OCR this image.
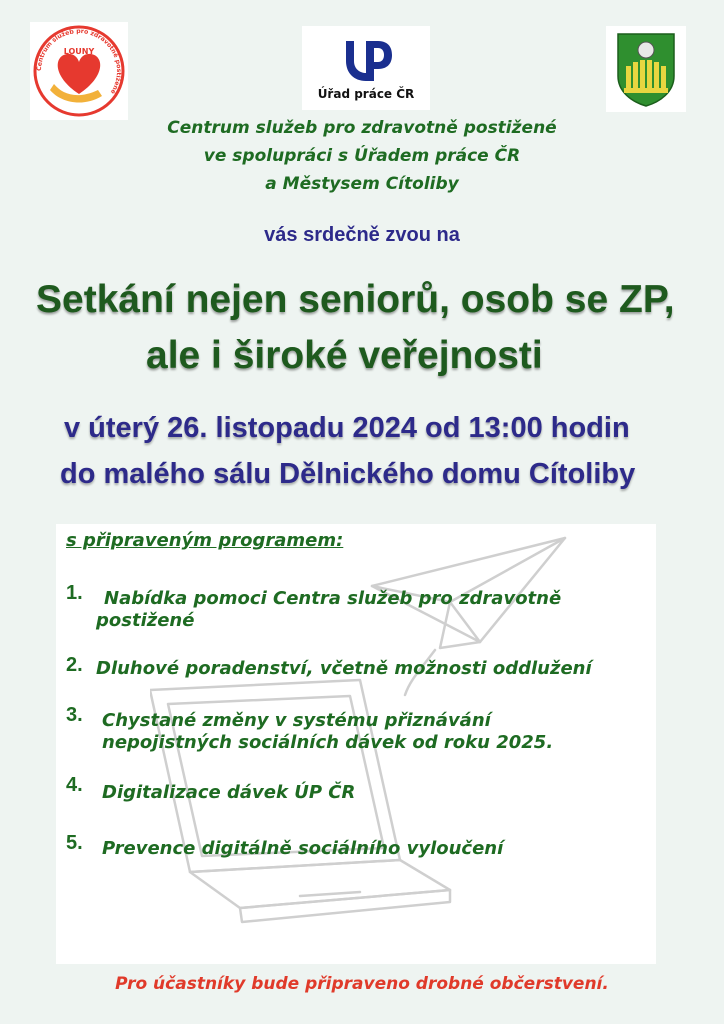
Centrum služeb pro zdravotně postižené
LOUNY
Úřad práce ČR
Centrum služeb pro zdravotně postižené
ve spolupráci s Úřadem práce ČR
a Městysem Cítoliby
vás srdečně zvou na
Setkání nejen seniorů, osob se ZP,
ale i široké veřejnosti
v úterý 26. listopadu 2024 od 13:00 hodin
do malého sálu Dělnického domu Cítoliby
s připraveným programem:
1. Nabídka pomoci Centra služeb pro zdravotně
postižené
2. Dluhové poradenství, včetně možnosti oddlužení
3. Chystané změny v systému přiznávání
nepojistných sociálních dávek od roku 2025.
4. Digitalizace dávek ÚP ČR
5. Prevence digitálně sociálního vyloučení
Pro účastníky bude připraveno drobné občerstvení.
